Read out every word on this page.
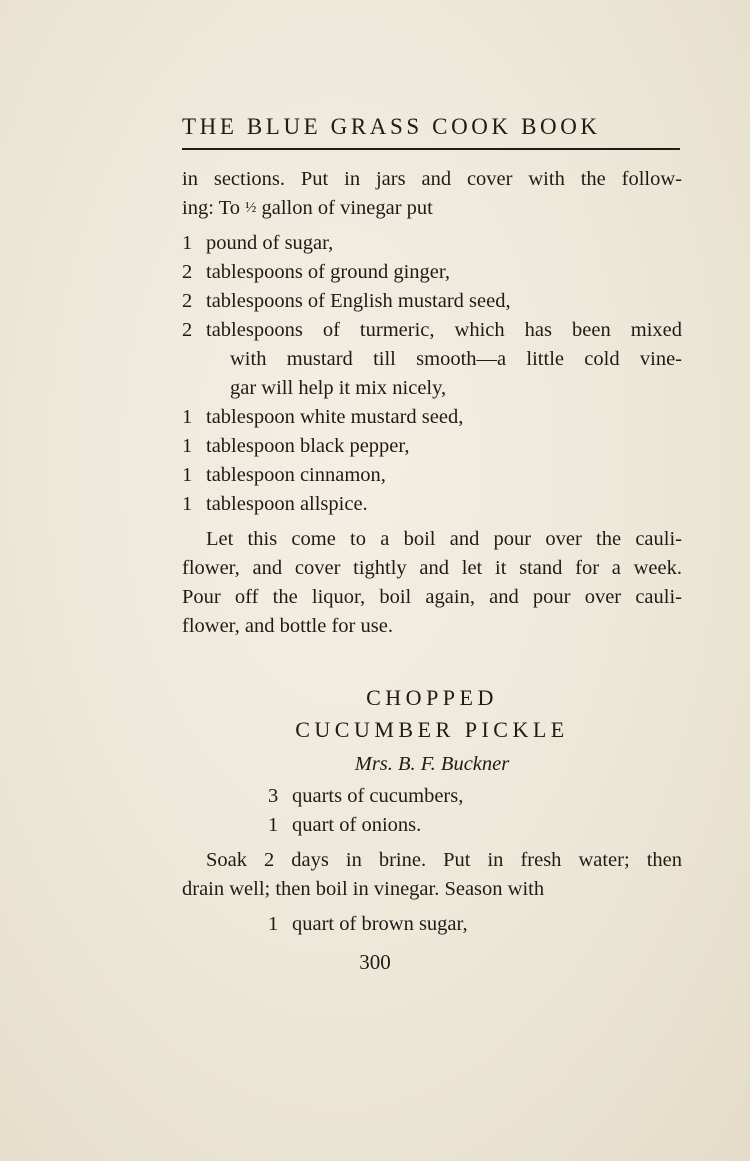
THE BLUE GRASS COOK BOOK
in sections. Put in jars and cover with the follow-
ing: To ½ gallon of vinegar put
1 pound of sugar,
2 tablespoons of ground ginger,
2 tablespoons of English mustard seed,
2 tablespoons of turmeric, which has been mixed
with mustard till smooth—a little cold vine-
gar will help it mix nicely,
1 tablespoon white mustard seed,
1 tablespoon black pepper,
1 tablespoon cinnamon,
1 tablespoon allspice.
Let this come to a boil and pour over the cauli-
flower, and cover tightly and let it stand for a week.
Pour off the liquor, boil again, and pour over cauli-
flower, and bottle for use.
CHOPPED
CUCUMBER PICKLE
Mrs. B. F. Buckner
3 quarts of cucumbers,
1 quart of onions.
Soak 2 days in brine. Put in fresh water; then
drain well; then boil in vinegar. Season with
1 quart of brown sugar,
300
